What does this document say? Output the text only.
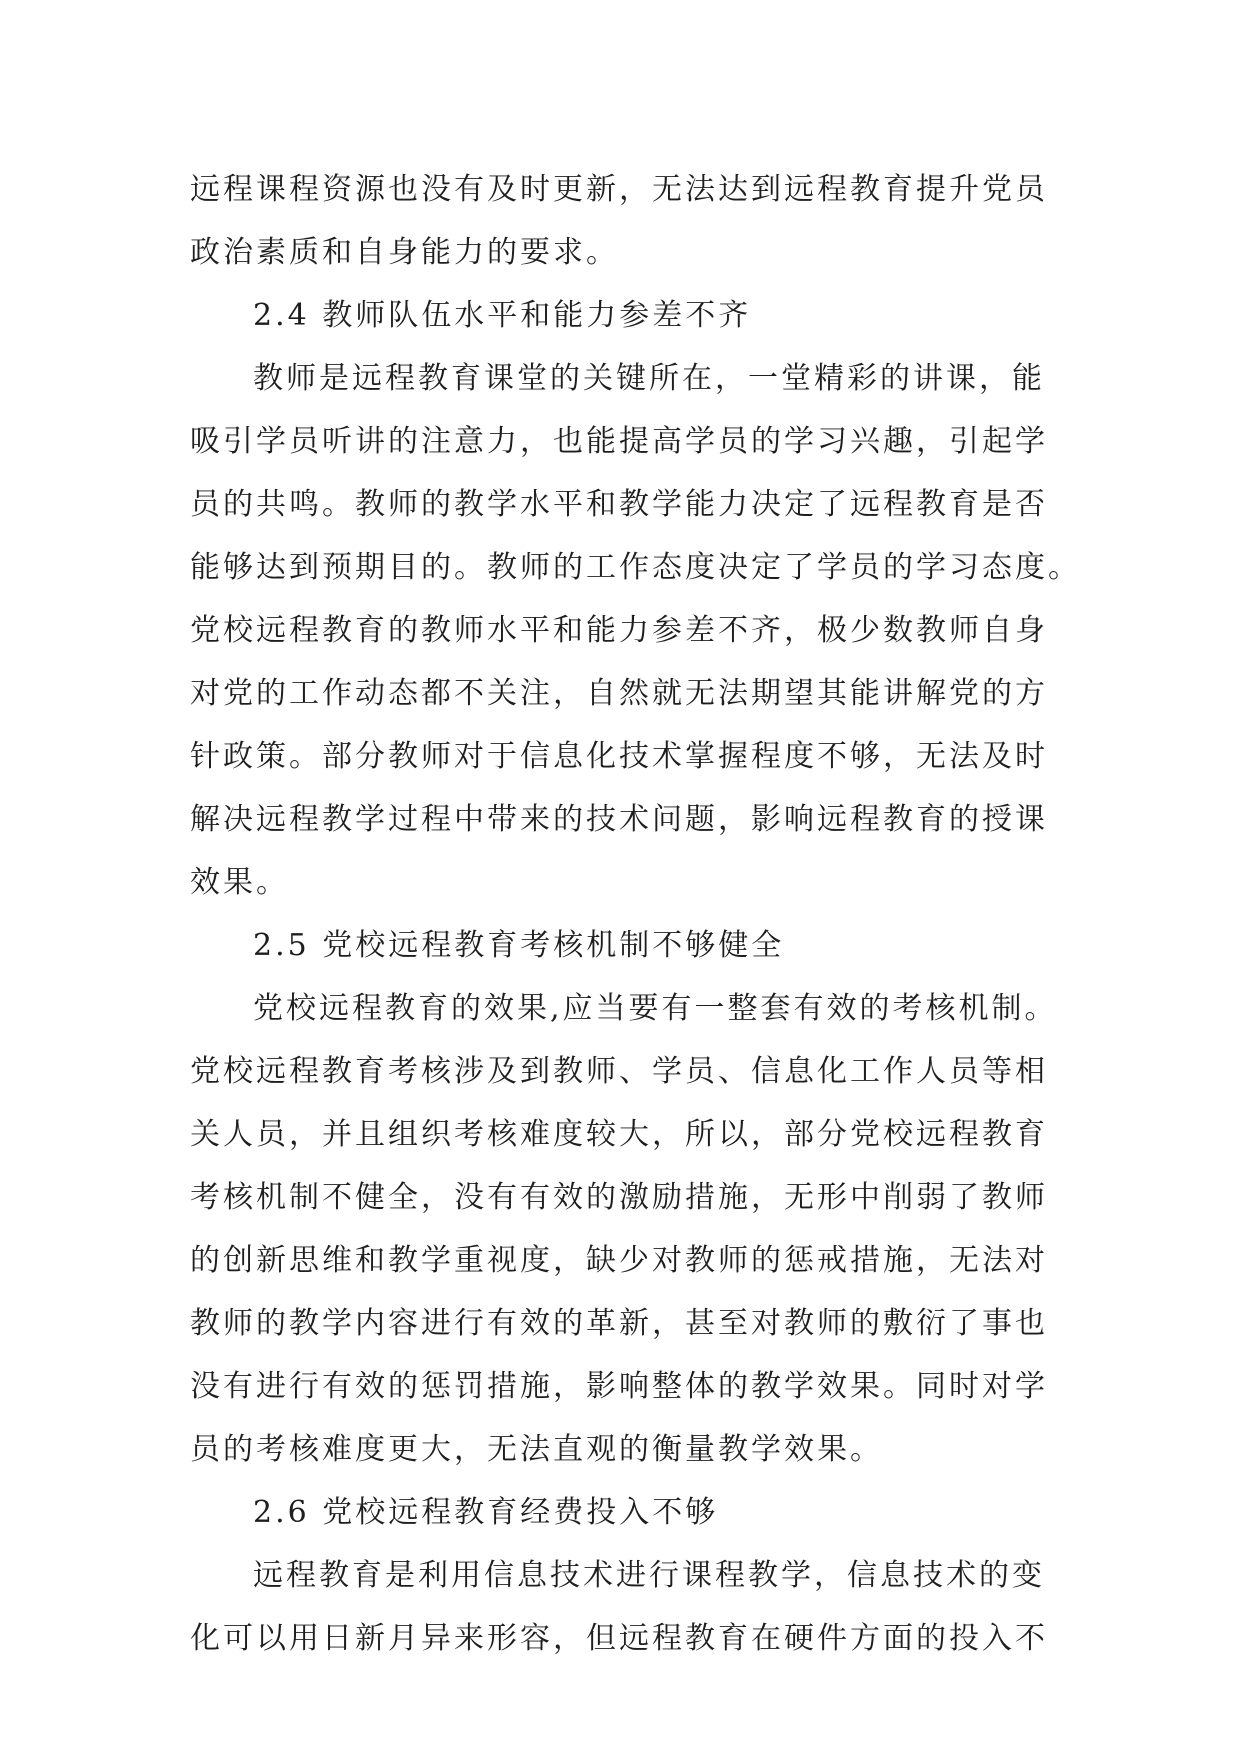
远程课程资源也没有及时更新，无法达到远程教育提升党员
政治素质和自身能力的要求。
2.4 教师队伍水平和能力参差不齐
教师是远程教育课堂的关键所在，一堂精彩的讲课，能
吸引学员听讲的注意力，也能提高学员的学习兴趣，引起学
员的共鸣。教师的教学水平和教学能力决定了远程教育是否
能够达到预期目的。教师的工作态度决定了学员的学习态度。
党校远程教育的教师水平和能力参差不齐，极少数教师自身
对党的工作动态都不关注，自然就无法期望其能讲解党的方
针政策。部分教师对于信息化技术掌握程度不够，无法及时
解决远程教学过程中带来的技术问题，影响远程教育的授课
效果。
2.5 党校远程教育考核机制不够健全
党校远程教育的效果,应当要有一整套有效的考核机制。
党校远程教育考核涉及到教师、学员、信息化工作人员等相
关人员，并且组织考核难度较大，所以，部分党校远程教育
考核机制不健全，没有有效的激励措施，无形中削弱了教师
的创新思维和教学重视度，缺少对教师的惩戒措施，无法对
教师的教学内容进行有效的革新，甚至对教师的敷衍了事也
没有进行有效的惩罚措施，影响整体的教学效果。同时对学
员的考核难度更大，无法直观的衡量教学效果。
2.6 党校远程教育经费投入不够
远程教育是利用信息技术进行课程教学，信息技术的变
化可以用日新月异来形容，但远程教育在硬件方面的投入不
